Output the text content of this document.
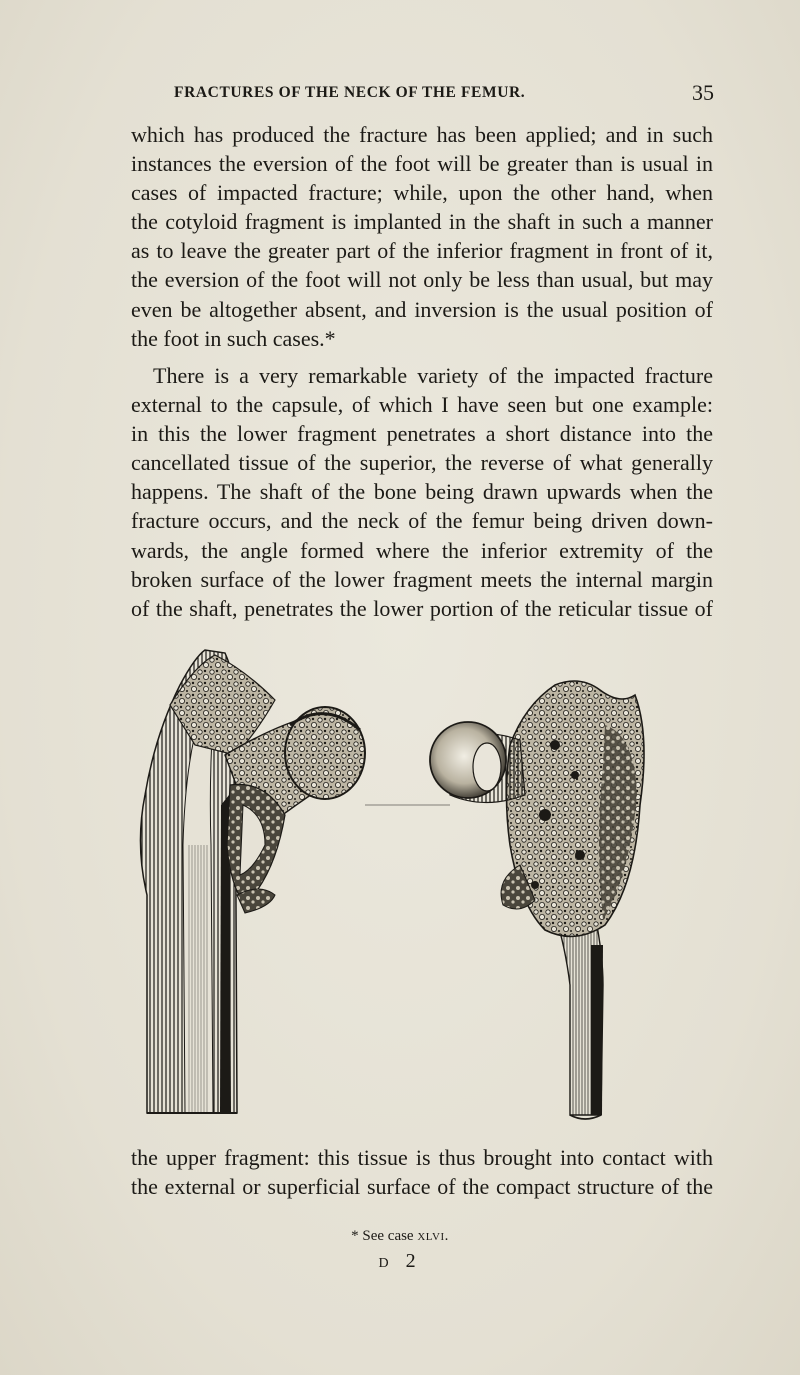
FRACTURES OF THE NECK OF THE FEMUR.	35
which has produced the fracture has been applied; and in such
instances the eversion of the foot will be greater than is usual in
cases of impacted fracture; while, upon the other hand, when
the cotyloid fragment is implanted in the shaft in such a manner
as to leave the greater part of the inferior fragment in front of it,
the eversion of the foot will not only be less than usual, but may
even be altogether absent, and inversion is the usual position of
the foot in such cases.*
There is a very remarkable variety of the impacted fracture
external to the capsule, of which I have seen but one example:
in this the lower fragment penetrates a short distance into the
cancellated tissue of the superior, the reverse of what generally
happens. The shaft of the bone being drawn upwards when the
fracture occurs, and the neck of the femur being driven down-
wards, the angle formed where the inferior extremity of the
broken surface of the lower fragment meets the internal margin
of the shaft, penetrates the lower portion of the reticular tissue of
the upper fragment: this tissue is thus brought into contact with
the external or superficial surface of the compact structure of the
* See case xlvi.
d 2
